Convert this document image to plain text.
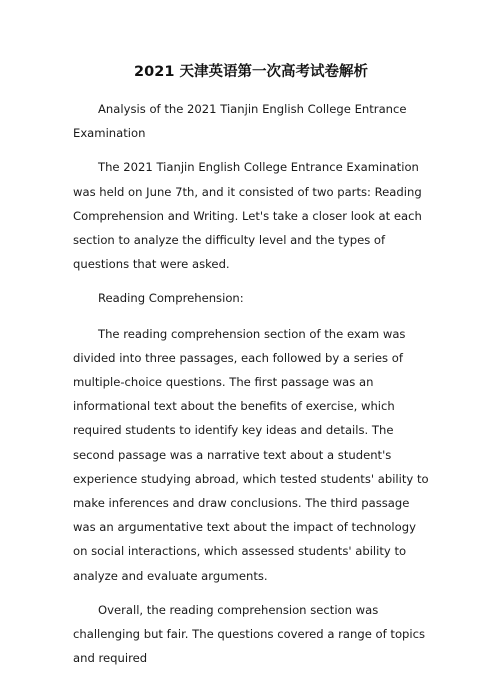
2021 天津英语第一次高考试卷解析

Analysis of the 2021 Tianjin English College Entrance Examination

The 2021 Tianjin English College Entrance Examination was held on June 7th, and it consisted of two parts: Reading Comprehension and Writing. Let's take a closer look at each section to analyze the difficulty level and the types of questions that were asked.

Reading Comprehension:

The reading comprehension section of the exam was divided into three passages, each followed by a series of multiple-choice questions. The first passage was an informational text about the benefits of exercise, which required students to identify key ideas and details. The second passage was a narrative text about a student's experience studying abroad, which tested students' ability to make inferences and draw conclusions. The third passage was an argumentative text about the impact of technology on social interactions, which assessed students' ability to analyze and evaluate arguments.

Overall, the reading comprehension section was challenging but fair. The questions covered a range of topics and required
